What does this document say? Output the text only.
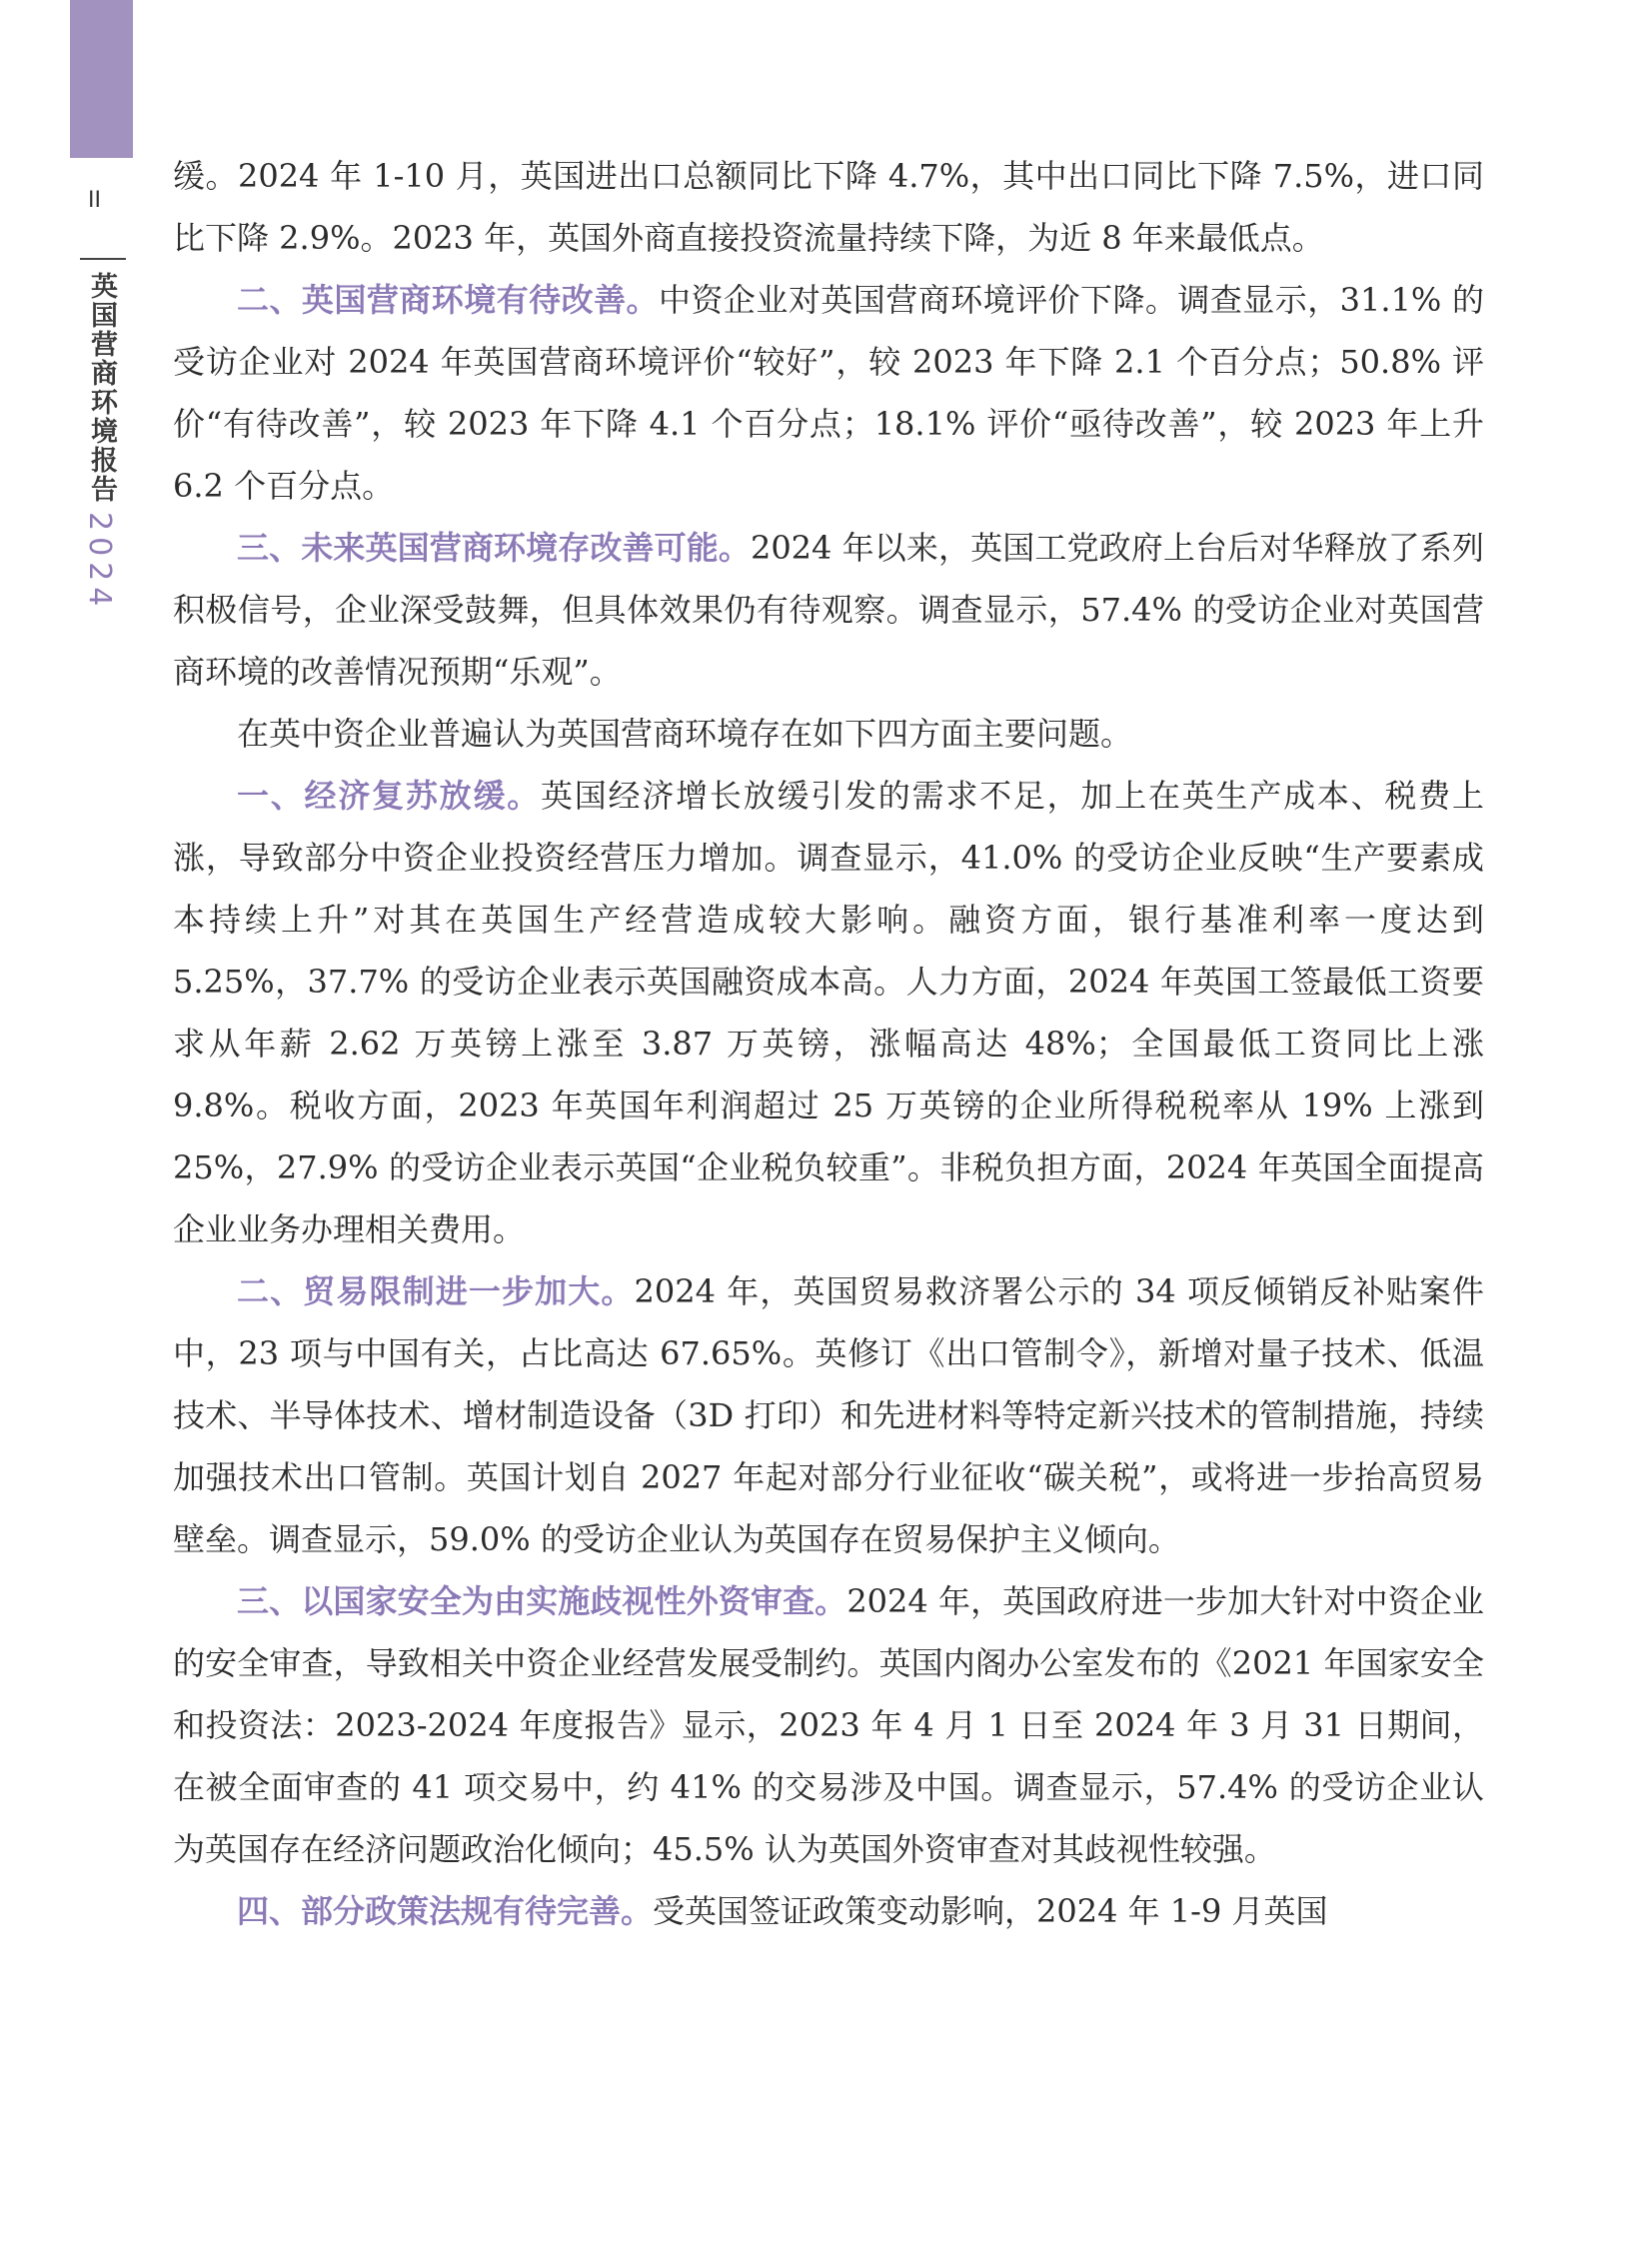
II
英国营商环境报告
2024

缓。2024 年 1-10 月，英国进出口总额同比下降 4.7%，其中出口同比下降 7.5%，进口同比下降 2.9%。2023 年，英国外商直接投资流量持续下降，为近 8 年来最低点。

二、英国营商环境有待改善。中资企业对英国营商环境评价下降。调查显示，31.1% 的受访企业对 2024 年英国营商环境评价“较好”，较 2023 年下降 2.1 个百分点；50.8% 评价“有待改善”，较 2023 年下降 4.1 个百分点；18.1% 评价“亟待改善”，较 2023 年上升 6.2 个百分点。

三、未来英国营商环境存改善可能。2024 年以来，英国工党政府上台后对华释放了系列积极信号，企业深受鼓舞，但具体效果仍有待观察。调查显示，57.4% 的受访企业对英国营商环境的改善情况预期“乐观”。

在英中资企业普遍认为英国营商环境存在如下四方面主要问题。

一、经济复苏放缓。英国经济增长放缓引发的需求不足，加上在英生产成本、税费上涨，导致部分中资企业投资经营压力增加。调查显示，41.0% 的受访企业反映“生产要素成本持续上升”对其在英国生产经营造成较大影响。融资方面，银行基准利率一度达到 5.25%，37.7% 的受访企业表示英国融资成本高。人力方面，2024 年英国工签最低工资要求从年薪 2.62 万英镑上涨至 3.87 万英镑，涨幅高达 48%；全国最低工资同比上涨 9.8%。税收方面，2023 年英国年利润超过 25 万英镑的企业所得税税率从 19% 上涨到 25%，27.9% 的受访企业表示英国“企业税负较重”。非税负担方面，2024 年英国全面提高企业业务办理相关费用。

二、贸易限制进一步加大。2024 年，英国贸易救济署公示的 34 项反倾销反补贴案件中，23 项与中国有关，占比高达 67.65%。英修订《出口管制令》，新增对量子技术、低温技术、半导体技术、增材制造设备（3D 打印）和先进材料等特定新兴技术的管制措施，持续加强技术出口管制。英国计划自 2027 年起对部分行业征收“碳关税”，或将进一步抬高贸易壁垒。调查显示，59.0% 的受访企业认为英国存在贸易保护主义倾向。

三、以国家安全为由实施歧视性外资审查。2024 年，英国政府进一步加大针对中资企业的安全审查，导致相关中资企业经营发展受制约。英国内阁办公室发布的《2021 年国家安全和投资法：2023-2024 年度报告》显示，2023 年 4 月 1 日至 2024 年 3 月 31 日期间，在被全面审查的 41 项交易中，约 41% 的交易涉及中国。调查显示，57.4% 的受访企业认为英国存在经济问题政治化倾向；45.5% 认为英国外资审查对其歧视性较强。

四、部分政策法规有待完善。受英国签证政策变动影响，2024 年 1-9 月英国
